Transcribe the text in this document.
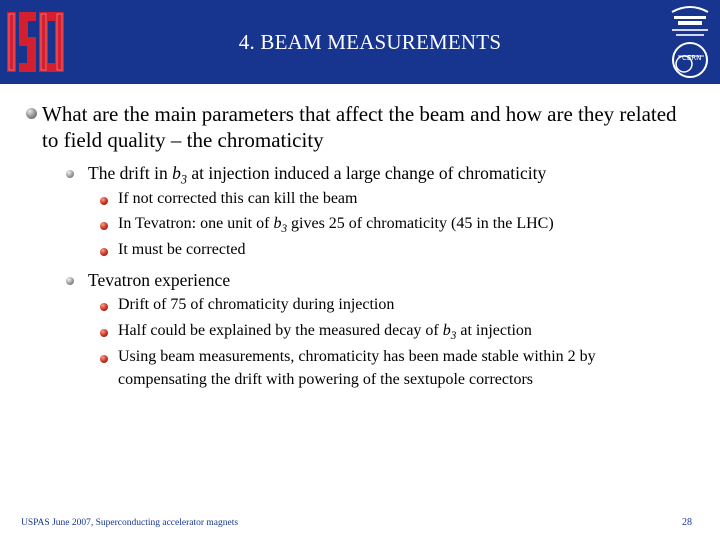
4. BEAM MEASUREMENTS
CERN

What are the main parameters that affect the beam and how are they related to field quality – the chromaticity

The drift in $b_3$ at injection induced a large change of chromaticity

If not corrected this can kill the beam

In Tevatron: one unit of $b_3$ gives 25 of chromaticity (45 in the LHC)

It must be corrected

Tevatron experience

Drift of 75 of chromaticity during injection

Half could be explained by the measured decay of $b_3$ at injection

Using beam measurements, chromaticity has been made stable within 2 by compensating the drift with powering of the sextupole correctors

USPAS June 2007, Superconducting accelerator magnets	28
